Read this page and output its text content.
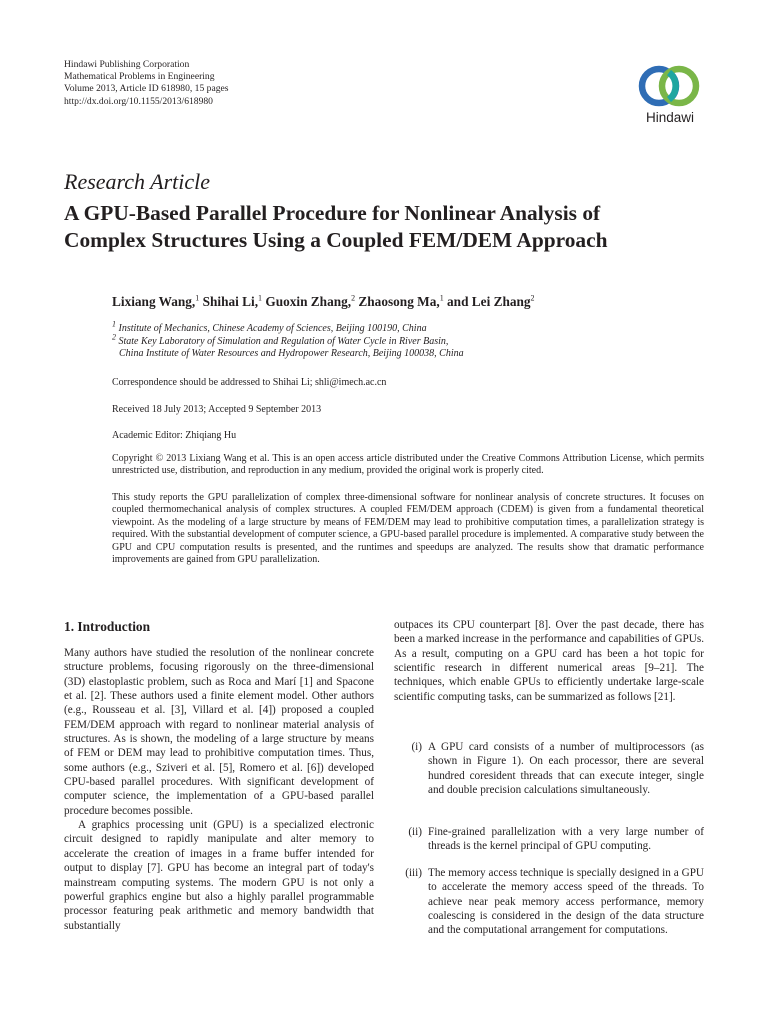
Hindawi Publishing Corporation
Mathematical Problems in Engineering
Volume 2013, Article ID 618980, 15 pages
http://dx.doi.org/10.1155/2013/618980
Hindawi
Research Article
A GPU-Based Parallel Procedure for Nonlinear Analysis of
Complex Structures Using a Coupled FEM/DEM Approach
Lixiang Wang,$^1$ Shihai Li,$^1$ Guoxin Zhang,$^2$ Zhaosong Ma,$^1$ and Lei Zhang$^2$
$^1$ Institute of Mechanics, Chinese Academy of Sciences, Beijing 100190, China
$^2$ State Key Laboratory of Simulation and Regulation of Water Cycle in River Basin,
China Institute of Water Resources and Hydropower Research, Beijing 100038, China
Correspondence should be addressed to Shihai Li; shli@imech.ac.cn
Received 18 July 2013; Accepted 9 September 2013
Academic Editor: Zhiqiang Hu
Copyright © 2013 Lixiang Wang et al. This is an open access article distributed under the Creative Commons Attribution License, which permits unrestricted use, distribution, and reproduction in any medium, provided the original work is properly cited.
This study reports the GPU parallelization of complex three-dimensional software for nonlinear analysis of concrete structures. It focuses on coupled thermomechanical analysis of complex structures. A coupled FEM/DEM approach (CDEM) is given from a fundamental theoretical viewpoint. As the modeling of a large structure by means of FEM/DEM may lead to prohibitive computation times, a parallelization strategy is required. With the substantial development of computer science, a GPU-based parallel procedure is implemented. A comparative study between the GPU and CPU computation results is presented, and the runtimes and speedups are analyzed. The results show that dramatic performance improvements are gained from GPU parallelization.
1. Introduction

Many authors have studied the resolution of the nonlinear concrete structure problems, focusing rigorously on the three-dimensional (3D) elastoplastic problem, such as Roca and Marí [1] and Spacone et al. [2]. These authors used a finite element model. Other authors (e.g., Rousseau et al. [3], Villard et al. [4]) proposed a coupled FEM/DEM approach with regard to nonlinear material analysis of structures. As is shown, the modeling of a large structure by means of FEM or DEM may lead to prohibitive computation times. Thus, some authors (e.g., Sziveri et al. [5], Romero et al. [6]) developed CPU-based parallel procedures. With significant development of computer science, the implementation of a GPU-based parallel procedure becomes possible.

A graphics processing unit (GPU) is a specialized electronic circuit designed to rapidly manipulate and alter memory to accelerate the creation of images in a frame buffer intended for output to display [7]. GPU has become an integral part of today's mainstream computing systems. The modern GPU is not only a powerful graphics engine but also a highly parallel programmable processor featuring peak arithmetic and memory bandwidth that substantially

outpaces its CPU counterpart [8]. Over the past decade, there has been a marked increase in the performance and capabilities of GPUs. As a result, computing on a GPU card has been a hot topic for scientific research in different numerical areas [9–21]. The techniques, which enable GPUs to efficiently undertake large-scale scientific computing tasks, can be summarized as follows [21].
(i) A GPU card consists of a number of multiprocessors (as shown in Figure 1). On each processor, there are several hundred coresident threads that can execute integer, single and double precision calculations simultaneously.
(ii) Fine-grained parallelization with a very large number of threads is the kernel principal of GPU computing.
(iii) The memory access technique is specially designed in a GPU to accelerate the memory access speed of the threads. To achieve near peak memory access performance, memory coalescing is considered in the design of the data structure and the computational arrangement for computations.
